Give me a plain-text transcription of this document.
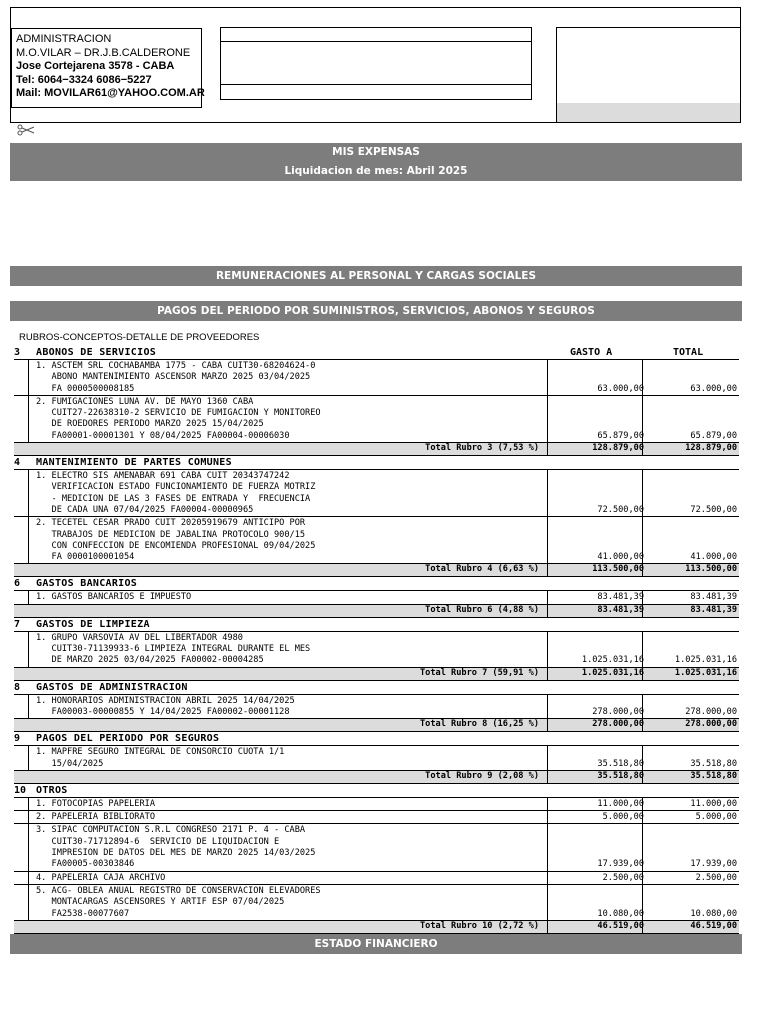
ADMINISTRACION
M.O.VILAR – DR.J.B.CALDERONE
Jose Cortejarena 3578 - CABA
Tel: 6064−3324 6086−5227
Mail: MOVILAR61@YAHOO.COM.AR
MIS EXPENSAS
Liquidacion de mes: Abril 2025
REMUNERACIONES AL PERSONAL Y CARGAS SOCIALES
PAGOS DEL PERIODO POR SUMINISTROS, SERVICIOS, ABONOS Y SEGUROS
RUBROS-CONCEPTOS-DETALLE DE PROVEEDORES
3	ABONOS DE SERVICIOS	GASTO A	TOTAL
1. ASCTEM SRL COCHABAMBA 1775 - CABA CUIT30-68204624-0
ABONO MANTENIMIENTO ASCENSOR MARZO 2025 03/04/2025
FA 0000500008185	63.000,00	63.000,00
2. FUMIGACIONES LUNA AV. DE MAYO 1360 CABA
CUIT27-22638310-2 SERVICIO DE FUMIGACION Y MONITOREO
DE ROEDORES PERIODO MARZO 2025 15/04/2025
FA00001-00001301 Y 08/04/2025 FA00004-00006030	65.879,00	65.879,00
Total Rubro 3 (7,53 %)	128.879,00	128.879,00
4	MANTENIMIENTO DE PARTES COMUNES
1. ELECTRO SIS AMENABAR 691 CABA CUIT 20343747242
VERIFICACION ESTADO FUNCIONAMIENTO DE FUERZA MOTRIZ
- MEDICION DE LAS 3 FASES DE ENTRADA Y  FRECUENCIA
DE CADA UNA 07/04/2025 FA00004-00000965	72.500,00	72.500,00
2. TECETEL CESAR PRADO CUIT 20205919679 ANTICIPO POR
TRABAJOS DE MEDICION DE JABALINA PROTOCOLO 900/15
CON CONFECCION DE ENCOMIENDA PROFESIONAL 09/04/2025
FA 0000100001054	41.000,00	41.000,00
Total Rubro 4 (6,63 %)	113.500,00	113.500,00
6	GASTOS BANCARIOS
1. GASTOS BANCARIOS E IMPUESTO	83.481,39	83.481,39
Total Rubro 6 (4,88 %)	83.481,39	83.481,39
7	GASTOS DE LIMPIEZA
1. GRUPO VARSOVIA AV DEL LIBERTADOR 4980
CUIT30-71139933-6 LIMPIEZA INTEGRAL DURANTE EL MES
DE MARZO 2025 03/04/2025 FA00002-00004285	1.025.031,16	1.025.031,16
Total Rubro 7 (59,91 %)	1.025.031,16	1.025.031,16
8	GASTOS DE ADMINISTRACION
1. HONORARIOS ADMINISTRACION ABRIL 2025 14/04/2025
FA00003-00000855 Y 14/04/2025 FA00002-00001128	278.000,00	278.000,00
Total Rubro 8 (16,25 %)	278.000,00	278.000,00
9	PAGOS DEL PERIODO POR SEGUROS
1. MAPFRE SEGURO INTEGRAL DE CONSORCIO CUOTA 1/1
15/04/2025	35.518,80	35.518,80
Total Rubro 9 (2,08 %)	35.518,80	35.518,80
10 OTROS
1. FOTOCOPIAS PAPELERIA	11.000,00	11.000,00
2. PAPELERIA BIBLIORATO	5.000,00	5.000,00
3. SIPAC COMPUTACION S.R.L CONGRESO 2171 P. 4 - CABA
CUIT30-71712894-6  SERVICIO DE LIQUIDACION E
IMPRESION DE DATOS DEL MES DE MARZO 2025 14/03/2025
FA00005-00303846	17.939,00	17.939,00
4. PAPELERIA CAJA ARCHIVO	2.500,00	2.500,00
5. ACG- OBLEA ANUAL REGISTRO DE CONSERVACION ELEVADORES
MONTACARGAS ASCENSORES Y ARTIF ESP 07/04/2025
FA2538-00077607	10.080,00	10.080,00
Total Rubro 10 (2,72 %)	46.519,00	46.519,00
ESTADO FINANCIERO
